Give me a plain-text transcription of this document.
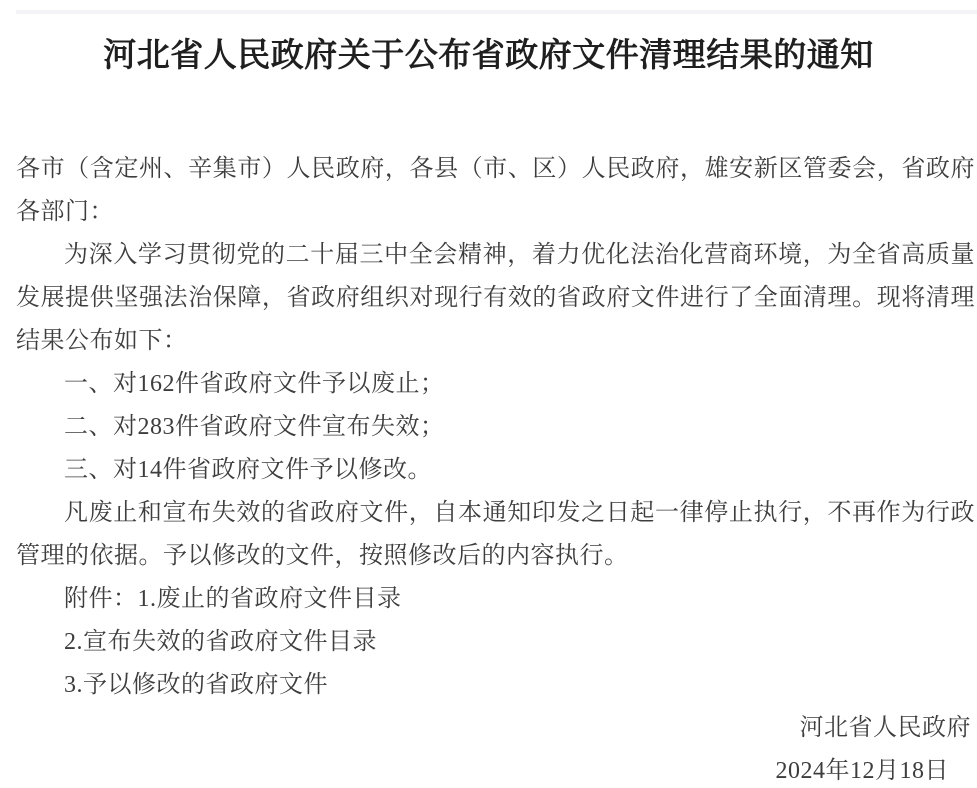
河北省人民政府关于公布省政府文件清理结果的通知

各市（含定州、辛集市）人民政府，各县（市、区）人民政府，雄安新区管委会，省政府各部门：

为深入学习贯彻党的二十届三中全会精神，着力优化法治化营商环境，为全省高质量发展提供坚强法治保障，省政府组织对现行有效的省政府文件进行了全面清理。现将清理结果公布如下：

一、对162件省政府文件予以废止；

二、对283件省政府文件宣布失效；

三、对14件省政府文件予以修改。

凡废止和宣布失效的省政府文件，自本通知印发之日起一律停止执行，不再作为行政管理的依据。予以修改的文件，按照修改后的内容执行。

附件：1.废止的省政府文件目录

2.宣布失效的省政府文件目录

3.予以修改的省政府文件

河北省人民政府

2024年12月18日
